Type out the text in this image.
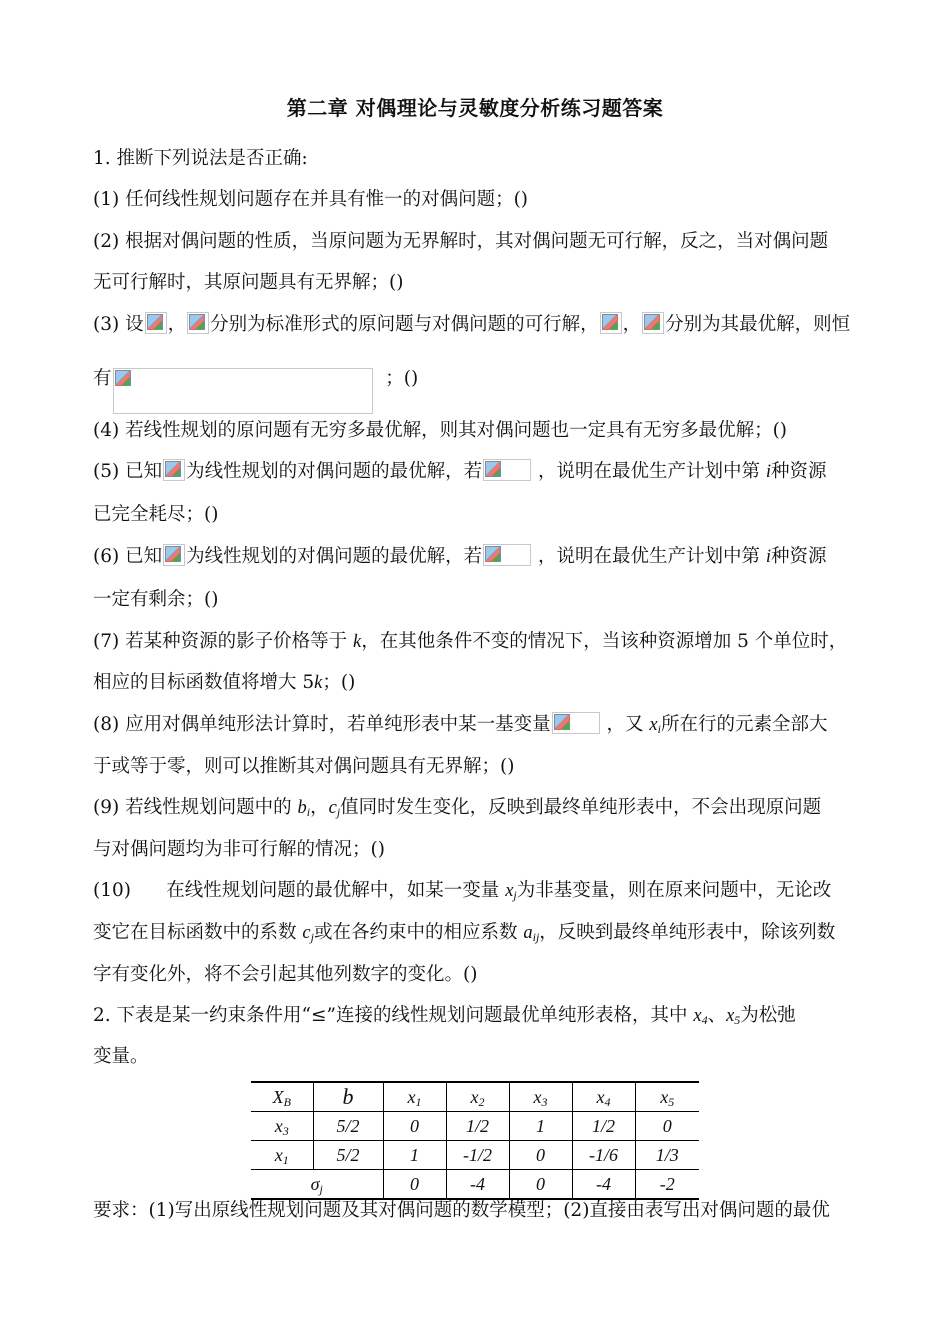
第二章 对偶理论与灵敏度分析练习题答案
1. 推断下列说法是否正确:
(1) 任何线性规划问题存在并具有惟一的对偶问题；()
(2) 根据对偶问题的性质，当原问题为无界解时，其对偶问题无可行解，反之，当对偶问题
无可行解时，其原问题具有无界解；()
(3) 设 ， 分别为标准形式的原问题与对偶问题的可行解， ， 分别为其最优解，则恒
有	；()
(4) 若线性规划的原问题有无穷多最优解，则其对偶问题也一定具有无穷多最优解；()
(5) 已知 为线性规划的对偶问题的最优解，若	，说明在最优生产计划中第 i种资源
已完全耗尽；()
(6) 已知 为线性规划的对偶问题的最优解，若	，说明在最优生产计划中第 i种资源
一定有剩余；()
(7) 若某种资源的影子价格等于 k，在其他条件不变的情况下，当该种资源增加 5 个单位时，
相应的目标函数值将增大 5k；()
(8) 应用对偶单纯形法计算时，若单纯形表中某一基变量	，又 $x_i$所在行的元素全部大
于或等于零，则可以推断其对偶问题具有无界解；()
(9) 若线性规划问题中的 $b_i$，$c_j$值同时发生变化，反映到最终单纯形表中，不会出现原问题
与对偶问题均为非可行解的情况；()
(10) 在线性规划问题的最优解中，如某一变量 $x_j$为非基变量，则在原来问题中，无论改
变它在目标函数中的系数 $c_j$或在各约束中的相应系数 $a_{ij}$，反映到最终单纯形表中，除该列数
字有变化外，将不会引起其他列数字的变化。()
2. 下表是某一约束条件用“≤”连接的线性规划问题最优单纯形表格，其中 $x_4$、$x_5$为松弛
变量。
$X_B$	b	$x_1$	$x_2$	$x_3$	$x_4$	$x_5$
$x_3$	5/2	0	1/2	1	1/2	0
$x_1$	5/2	1	-1/2	0	-1/6	1/3
$\sigma_j$		0	-4	0	-4	-2
要求：(1)写出原线性规划问题及其对偶问题的数学模型；(2)直接由表写出对偶问题的最优
